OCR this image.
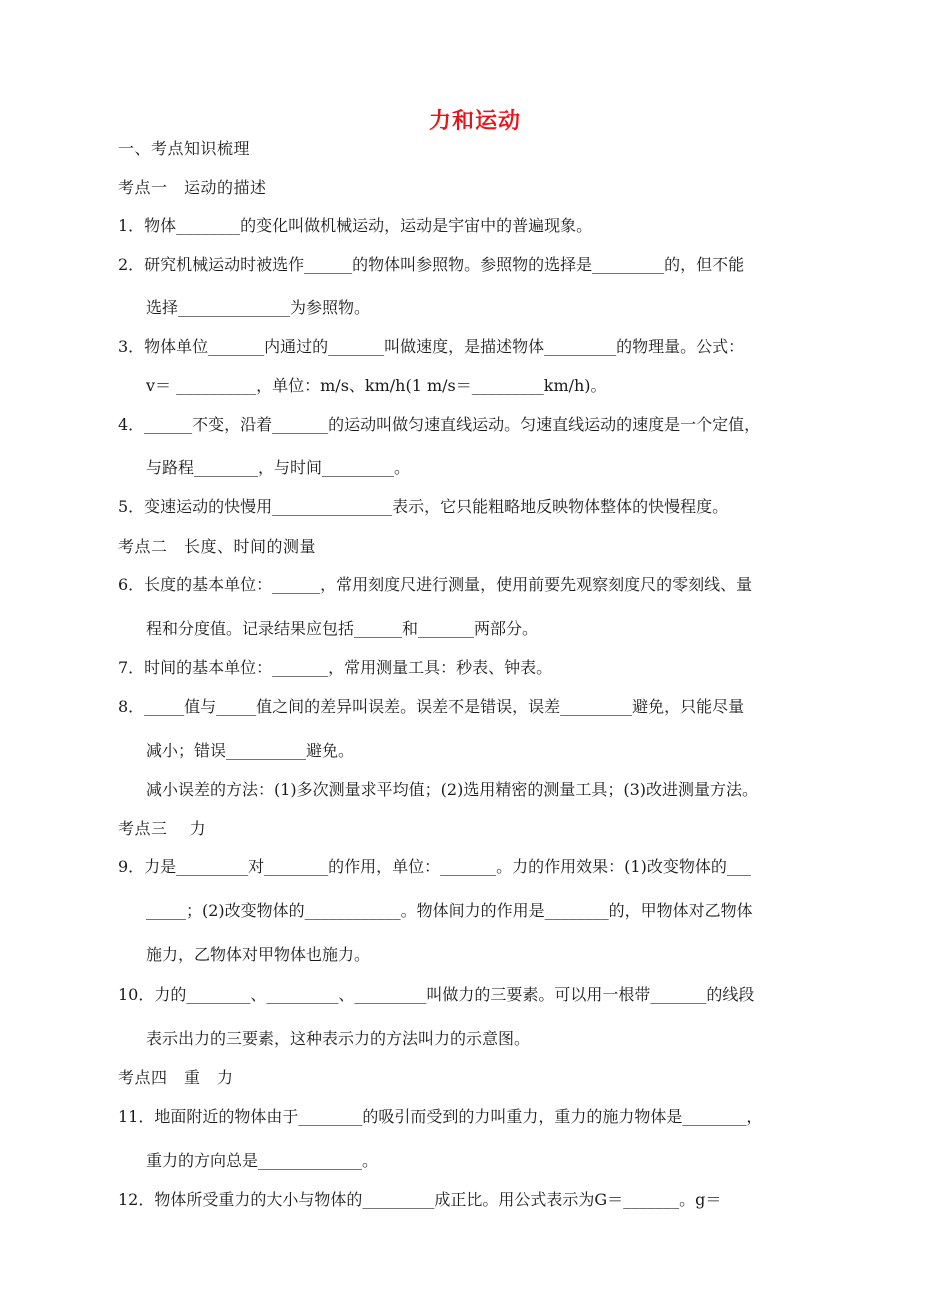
力和运动
一、考点知识梳理
考点一　运动的描述
1．物体________的变化叫做机械运动，运动是宇宙中的普遍现象。
2．研究机械运动时被选作______的物体叫参照物。参照物的选择是_________的，但不能
选择______________为参照物。
3．物体单位_______内通过的_______叫做速度，是描述物体_________的物理量。公式：
v＝ __________，单位：m/s、km/h(1 m/s＝_________km/h)。
4．______不变，沿着_______的运动叫做匀速直线运动。匀速直线运动的速度是一个定值，
与路程________，与时间_________。
5．变速运动的快慢用_______________表示，它只能粗略地反映物体整体的快慢程度。
考点二　长度、时间的测量
6．长度的基本单位：______，常用刻度尺进行测量，使用前要先观察刻度尺的零刻线、量
程和分度值。记录结果应包括______和_______两部分。
7．时间的基本单位：_______，常用测量工具：秒表、钟表。
8．_____值与_____值之间的差异叫误差。误差不是错误，误差_________避免，只能尽量
减小；错误__________避免。
减小误差的方法：(1)多次测量求平均值；(2)选用精密的测量工具；(3)改进测量方法。
考点三　 力
9．力是_________对________的作用，单位：_______。力的作用效果：(1)改变物体的___
_____；(2)改变物体的____________。物体间力的作用是________的，甲物体对乙物体
施力，乙物体对甲物体也施力。
10．力的________、_________、_________叫做力的三要素。可以用一根带_______的线段
表示出力的三要素，这种表示力的方法叫力的示意图。
考点四　重　力
11．地面附近的物体由于________的吸引而受到的力叫重力，重力的施力物体是________，
重力的方向总是_____________。
12．物体所受重力的大小与物体的_________成正比。用公式表示为G＝_______。g＝
